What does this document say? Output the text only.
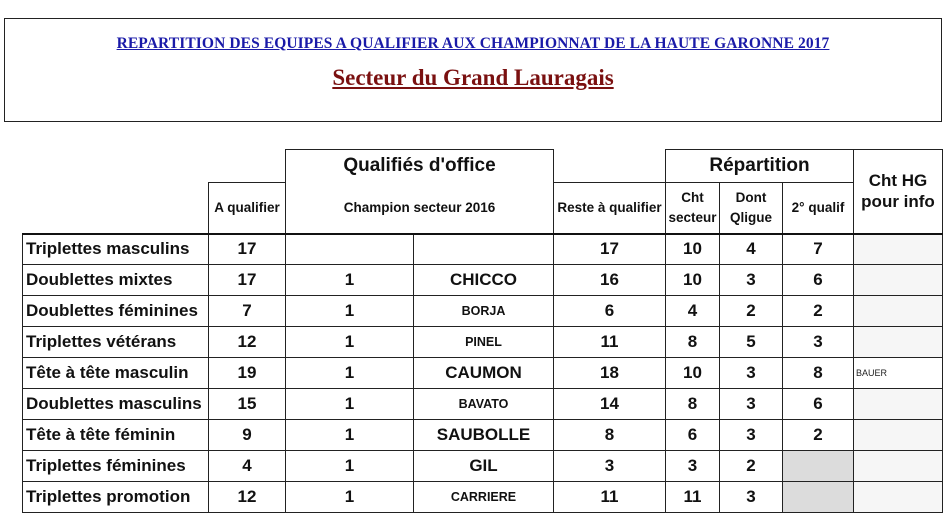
REPARTITION DES EQUIPES A QUALIFIER AUX CHAMPIONNAT DE LA HAUTE GARONNE 2017
Secteur du Grand Lauragais
		Qualifiés d'office			Répartition			Cht HG pour info
	A qualifier	Champion secteur 2016		Reste à qualifier	Cht secteur	Dont Qligue	2° qualif	
Triplettes masculins	17			17	10	4	7	
Doublettes mixtes	17	1	CHICCO	16	10	3	6	
Doublettes féminines	7	1	BORJA	6	4	2	2	
Triplettes vétérans	12	1	PINEL	11	8	5	3	
Tête à tête masculin	19	1	CAUMON	18	10	3	8	BAUER
Doublettes masculins	15	1	BAVATO	14	8	3	6	
Tête à tête féminin	9	1	SAUBOLLE	8	6	3	2	
Triplettes féminines	4	1	GIL	3	3	2		
Triplettes promotion	12	1	CARRIERE	11	11	3		
